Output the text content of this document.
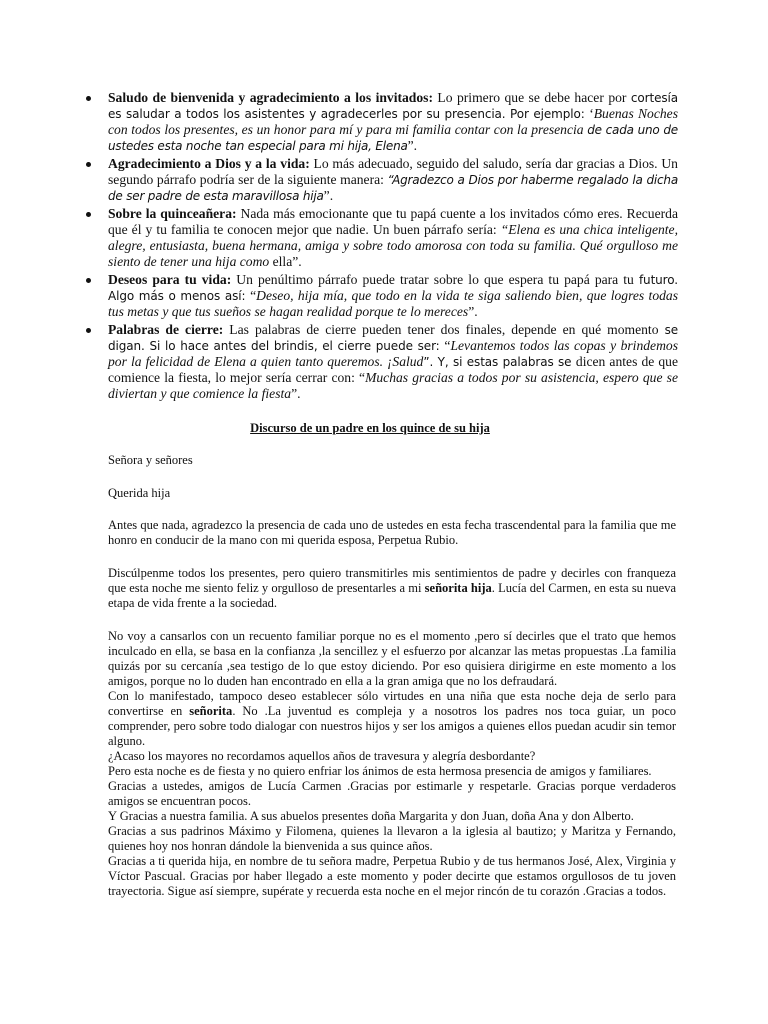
Saludo de bienvenida y agradecimiento a los invitados: Lo primero que se debe hacer por cortesía es saludar a todos los asistentes y agradecerles por su presencia. Por ejemplo: ‘Buenas Noches con todos los presentes, es un honor para mí y para mi familia contar con la presencia de cada uno de ustedes esta noche tan especial para mi hija, Elena”.
Agradecimiento a Dios y a la vida: Lo más adecuado, seguido del saludo, sería dar gracias a Dios. Un segundo párrafo podría ser de la siguiente manera: “Agradezco a Dios por haberme regalado la dicha de ser padre de esta maravillosa hija”.
Sobre la quinceañera: Nada más emocionante que tu papá cuente a los invitados cómo eres. Recuerda que él y tu familia te conocen mejor que nadie. Un buen párrafo sería: “Elena es una chica inteligente, alegre, entusiasta, buena hermana, amiga y sobre todo amorosa con toda su familia. Qué orgulloso me siento de tener una hija como ella”.
Deseos para tu vida: Un penúltimo párrafo puede tratar sobre lo que espera tu papá para tu futuro. Algo más o menos así: “Deseo, hija mía, que todo en la vida te siga saliendo bien, que logres todas tus metas y que tus sueños se hagan realidad porque te lo mereces”.
Palabras de cierre: Las palabras de cierre pueden tener dos finales, depende en qué momento se digan. Si lo hace antes del brindis, el cierre puede ser: “Levantemos todos las copas y brindemos por la felicidad de Elena a quien tanto queremos. ¡Salud”. Y, si estas palabras se dicen antes de que comience la fiesta, lo mejor sería cerrar con: “Muchas gracias a todos por su asistencia, espero que se diviertan y que comience la fiesta”.
Discurso de un padre en los quince de su hija

Señora y señores

Querida hija

Antes que nada, agradezco la presencia de cada uno de ustedes en esta fecha trascendental para la familia que me honro en conducir de la mano con mi querida esposa, Perpetua Rubio.

Discúlpenme todos los presentes, pero quiero transmitirles mis sentimientos de padre y decirles con franqueza que esta noche me siento feliz y orgulloso de presentarles a mi señorita hija. Lucía del Carmen, en esta su nueva etapa de vida frente a la sociedad.

No voy a cansarlos con un recuento familiar porque no es el momento ,pero sí decirles que el trato que hemos inculcado en ella, se basa en la confianza ,la sencillez y el esfuerzo por alcanzar las metas propuestas .La familia quizás por su cercanía ,sea testigo de lo que estoy diciendo. Por eso quisiera dirigirme en este momento a los amigos, porque no lo duden han encontrado en ella a la gran amiga que no los defraudará.

Con lo manifestado, tampoco deseo establecer sólo virtudes en una niña que esta noche deja de serlo para convertirse en señorita. No .La juventud es compleja y a nosotros los padres nos toca guiar, un poco comprender, pero sobre todo dialogar con nuestros hijos y ser los amigos a quienes ellos puedan acudir sin temor alguno.

¿Acaso los mayores no recordamos aquellos años de travesura y alegría desbordante?

Pero esta noche es de fiesta y no quiero enfriar los ánimos de esta hermosa presencia de amigos y familiares.

Gracias a ustedes, amigos de Lucía Carmen .Gracias por estimarle y respetarle. Gracias porque verdaderos amigos se encuentran pocos.

Y Gracias a nuestra familia. A sus abuelos presentes doña Margarita y don Juan, doña Ana y don Alberto.

Gracias a sus padrinos Máximo y Filomena, quienes la llevaron a la iglesia al bautizo; y Maritza y Fernando, quienes hoy nos honran dándole la bienvenida a sus quince años.

Gracias a ti querida hija, en nombre de tu señora madre, Perpetua Rubio y de tus hermanos José, Alex, Virginia y Víctor Pascual. Gracias por haber llegado a este momento y poder decirte que estamos orgullosos de tu joven trayectoria. Sigue así siempre, supérate y recuerda esta noche en el mejor rincón de tu corazón .Gracias a todos.
